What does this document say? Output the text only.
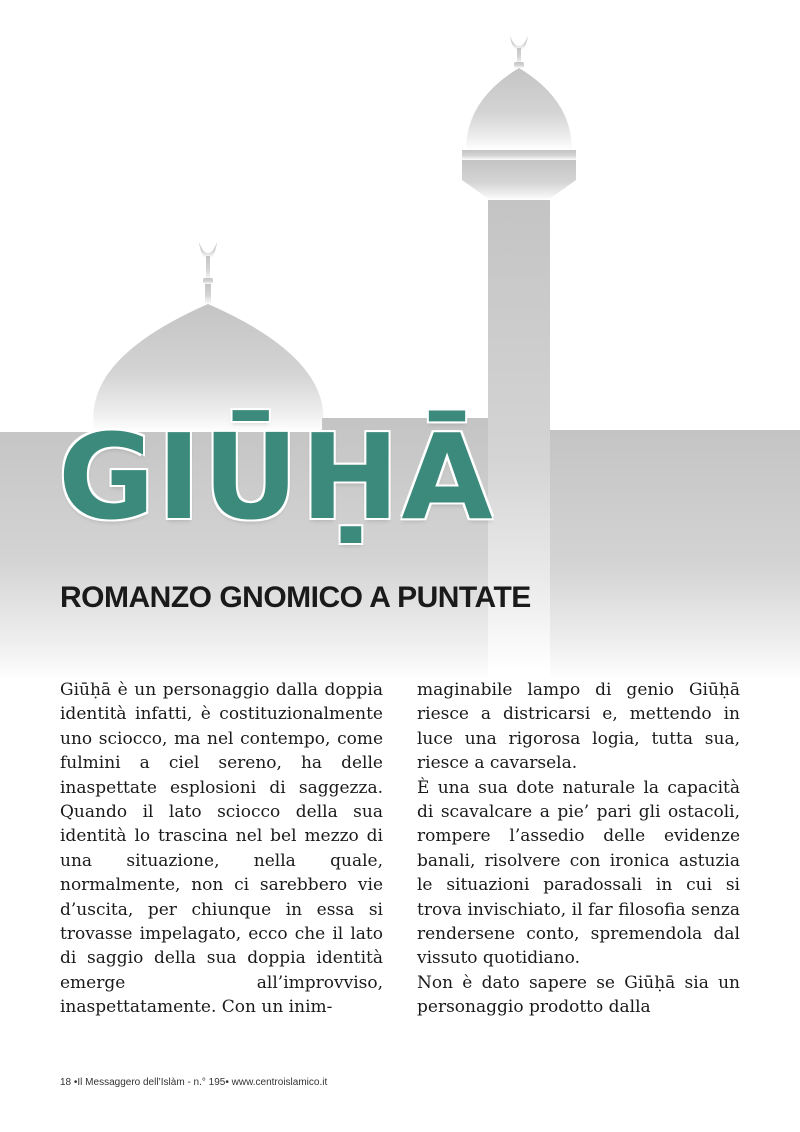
GIŪḤĀ
ROMANZO GNOMICO A PUNTATE

Giūḥā è un personaggio dalla doppia identità infatti, è costituzionalmente uno sciocco, ma nel contempo, come fulmini a ciel sereno, ha delle inaspettate esplosioni di saggezza. Quando il lato sciocco della sua identità lo trascina nel bel mezzo di una situazione, nella quale, normalmente, non ci sarebbero vie d’uscita, per chiunque in essa si trovasse impelagato, ecco che il lato di saggio della sua doppia identità emerge all’improvviso, inaspettatamente. Con un inim-

maginabile lampo di genio Giūḥā riesce a districarsi e, mettendo in luce una rigorosa logia, tutta sua, riesce a cavarsela.

È una sua dote naturale la capacità di scavalcare a pie’ pari gli ostacoli, rompere l’assedio delle evidenze banali, risolvere con ironica astuzia le situazioni paradossali in cui si trova invischiato, il far filosofia senza rendersene conto, spremendola dal vissuto quotidiano.

Non è dato sapere se Giūḥā sia un personaggio prodotto dalla

18 •Il Messaggero dell’Islàm - n.° 195• www.centroislamico.it
